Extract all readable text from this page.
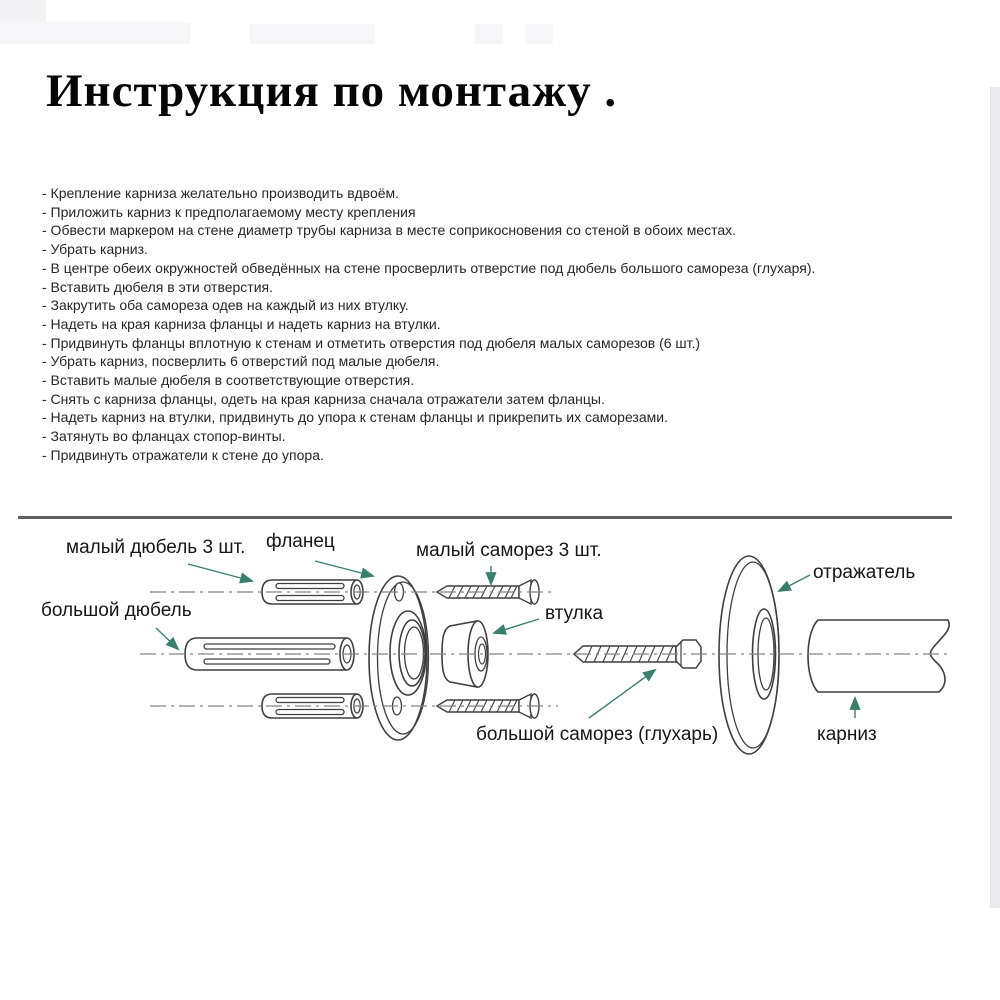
Инструкция по монтажу .
- Крепление карниза желательно производить вдвоём.
- Приложить карниз к предполагаемому месту крепления
- Обвести маркером на стене диаметр трубы карниза в месте соприкосновения со стеной в обоих местах.
- Убрать карниз.
- В центре обеих окружностей обведённых на стене просверлить отверстие под дюбель большого самореза (глухаря).
- Вставить дюбеля в эти отверстия.
- Закрутить оба самореза одев на каждый из них втулку.
- Надеть на края карниза фланцы и надеть карниз на втулки.
- Придвинуть фланцы вплотную к стенам и отметить отверстия под дюбеля малых саморезов (6 шт.)
- Убрать карниз, посверлить 6 отверстий под малые дюбеля.
- Вставить малые дюбеля в соответствующие отверстия.
- Снять с карниза фланцы, одеть на края карниза сначала отражатели затем фланцы.
- Надеть карниз на втулки, придвинуть до упора к стенам фланцы и прикрепить их саморезами.
- Затянуть во фланцах стопор-винты.
- Придвинуть отражатели к стене до упора.
малый дюбель 3 шт. фланец
большой дюбель
малый саморез 3 шт.
втулка
отражатель
большой саморез (глухарь)	карниз
